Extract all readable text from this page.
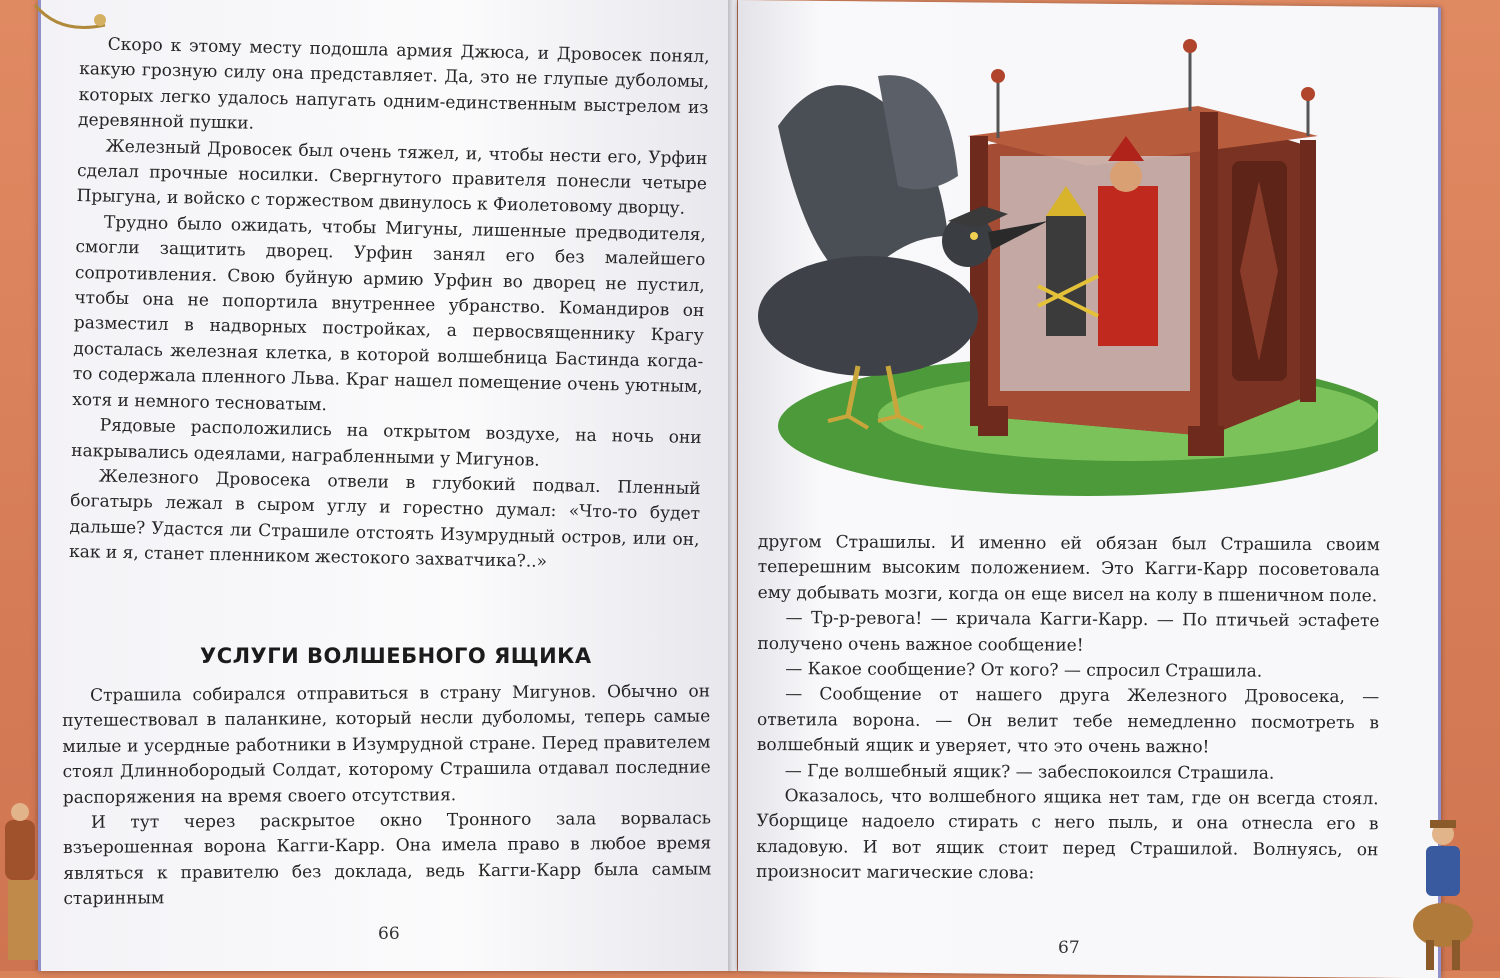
Скоро к этому месту подошла армия Джюса, и Дровосек понял, какую грозную силу она представляет. Да, это не глупые дуболомы, которых легко удалось напугать одним-единственным выстрелом из деревянной пушки.

Железный Дровосек был очень тяжел, и, чтобы нести его, Урфин сделал прочные носилки. Свергнутого правителя понесли четыре Прыгуна, и войско с торжеством двинулось к Фиолетовому дворцу.

Трудно было ожидать, чтобы Мигуны, лишенные предводителя, смогли защитить дворец. Урфин занял его без малейшего сопротивления. Свою буйную армию Урфин во дворец не пустил, чтобы она не попортила внутреннее убранство. Командиров он разместил в надворных постройках, а первосвященнику Крагу досталась железная клетка, в которой волшебница Бастинда когда-то содержала пленного Льва. Краг нашел помещение очень уютным, хотя и немного тесноватым.

Рядовые расположились на открытом воздухе, на ночь они накрывались одеялами, награбленными у Мигунов.

Железного Дровосека отвели в глубокий подвал. Пленный богатырь лежал в сыром углу и горестно думал: «Что-то будет дальше? Удастся ли Страшиле отстоять Изумрудный остров, или он, как и я, станет пленником жестокого захватчика?..»

УСЛУГИ ВОЛШЕБНОГО ЯЩИКА

Страшила собирался отправиться в страну Мигунов. Обычно он путешествовал в паланкине, который несли дуболомы, теперь самые милые и усердные работники в Изумрудной стране. Перед правителем стоял Длиннобородый Солдат, которому Страшила отдавал последние распоряжения на время своего отсутствия.

И тут через раскрытое окно Тронного зала ворвалась взъерошенная ворона Кагги-Карр. Она имела право в любое время являться к правителю без доклада, ведь Кагги-Карр была самым старинным

66

другом Страшилы. И именно ей обязан был Страшила своим теперешним высоким положением. Это Кагги-Карр посоветовала ему добывать мозги, когда он еще висел на колу в пшеничном поле.

— Тр-р-ревога! — кричала Кагги-Карр. — По птичьей эстафете получено очень важное сообщение!

— Какое сообщение? От кого? — спросил Страшила.

— Сообщение от нашего друга Железного Дровосека, — ответила ворона. — Он велит тебе немедленно посмотреть в волшебный ящик и уверяет, что это очень важно!

— Где волшебный ящик? — забеспокоился Страшила.

Оказалось, что волшебного ящика нет там, где он всегда стоял. Уборщице надоело стирать с него пыль, и она отнесла его в кладовую. И вот ящик стоит перед Страшилой. Волнуясь, он произносит магические слова:

67
